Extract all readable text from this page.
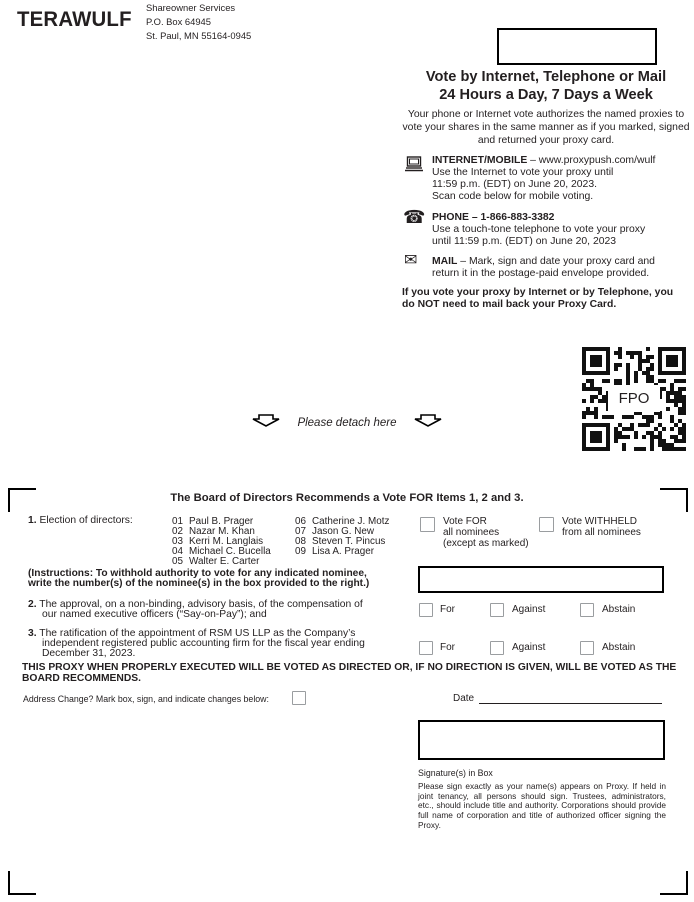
TERAWULF
Shareowner Services
P.O. Box 64945
St. Paul, MN 55164-0945
Vote by Internet, Telephone or Mail
24 Hours a Day, 7 Days a Week
Your phone or Internet vote authorizes the named proxies to vote your shares in the same manner as if you marked, signed and returned your proxy card.
INTERNET/MOBILE – www.proxypush.com/wulf
Use the Internet to vote your proxy until
11:59 p.m. (EDT) on June 20, 2023.
Scan code below for mobile voting.
☎ PHONE – 1-866-883-3382
Use a touch-tone telephone to vote your proxy
until 11:59 p.m. (EDT) on June 20, 2023
✉ MAIL – Mark, sign and date your proxy card and
return it in the postage-paid envelope provided.
If you vote your proxy by Internet or by Telephone, you
do NOT need to mail back your Proxy Card.
FPO
Please detach here
The Board of Directors Recommends a Vote FOR Items 1, 2 and 3.
1. Election of directors:	01 Paul B. Prager
02 Nazar M. Khan
03 Kerri M. Langlais
04 Michael C. Bucella
05 Walter E. Carter
06 Catherine J. Motz
07 Jason G. New
08 Steven T. Pincus
09 Lisa A. Prager
Vote FOR
all nominees
(except as marked)
Vote WITHHELD
from all nominees
(Instructions: To withhold authority to vote for any indicated nominee,
write the number(s) of the nominee(s) in the box provided to the right.)
2. The approval, on a non-binding, advisory basis, of the compensation of
our named executive officers (“Say-on-Pay”); and	For	Against	Abstain
3. The ratification of the appointment of RSM US LLP as the Company’s
independent registered public accounting firm for the fiscal year ending
December 31, 2023.
For	Against	Abstain
THIS PROXY WHEN PROPERLY EXECUTED WILL BE VOTED AS DIRECTED OR, IF NO DIRECTION IS GIVEN, WILL BE VOTED AS THE BOARD RECOMMENDS.
Address Change? Mark box, sign, and indicate changes below:	Date
Signature(s) in Box
Please sign exactly as your name(s) appears on Proxy. If held in joint tenancy, all persons should sign. Trustees, administrators, etc., should include title and authority. Corporations should provide full name of corporation and title of authorized officer signing the Proxy.
